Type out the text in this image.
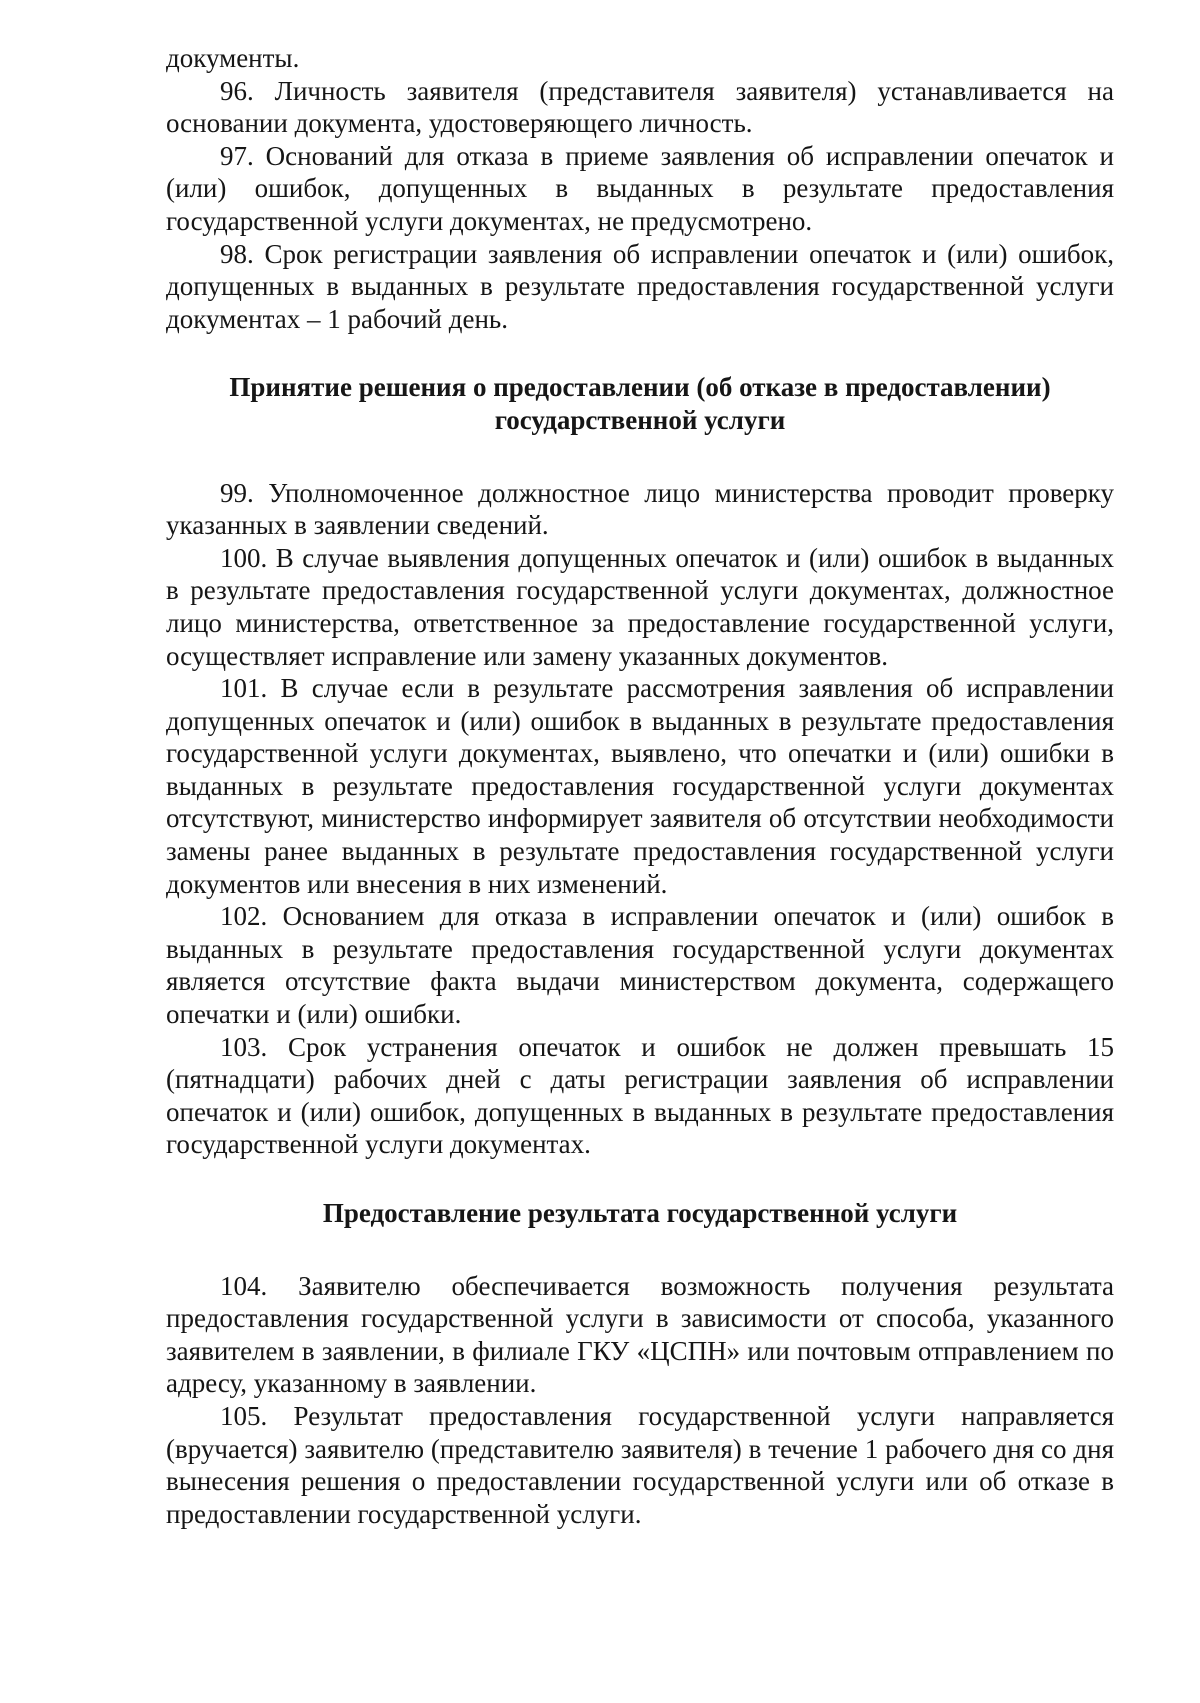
документы.

96. Личность заявителя (представителя заявителя) устанавливается на основании документа, удостоверяющего личность.

97. Оснований для отказа в приеме заявления об исправлении опечаток и (или) ошибок, допущенных в выданных в результате предоставления государственной услуги документах, не предусмотрено.

98. Срок регистрации заявления об исправлении опечаток и (или) ошибок, допущенных в выданных в результате предоставления государственной услуги документах – 1 рабочий день.

Принятие решения о предоставлении (об отказе в предоставлении) государственной услуги

99. Уполномоченное должностное лицо министерства проводит проверку указанных в заявлении сведений.

100. В случае выявления допущенных опечаток и (или) ошибок в выданных в результате предоставления государственной услуги документах, должностное лицо министерства, ответственное за предоставление государственной услуги, осуществляет исправление или замену указанных документов.

101. В случае если в результате рассмотрения заявления об исправлении допущенных опечаток и (или) ошибок в выданных в результате предоставления государственной услуги документах, выявлено, что опечатки и (или) ошибки в выданных в результате предоставления государственной услуги документах отсутствуют, министерство информирует заявителя об отсутствии необходимости замены ранее выданных в результате предоставления государственной услуги документов или внесения в них изменений.

102. Основанием для отказа в исправлении опечаток и (или) ошибок в выданных в результате предоставления государственной услуги документах является отсутствие факта выдачи министерством документа, содержащего опечатки и (или) ошибки.

103. Срок устранения опечаток и ошибок не должен превышать 15 (пятнадцати) рабочих дней с даты регистрации заявления об исправлении опечаток и (или) ошибок, допущенных в выданных в результате предоставления государственной услуги документах.

Предоставление результата государственной услуги

104. Заявителю обеспечивается возможность получения результата предоставления государственной услуги в зависимости от способа, указанного заявителем в заявлении, в филиале ГКУ «ЦСПН» или почтовым отправлением по адресу, указанному в заявлении.

105. Результат предоставления государственной услуги направляется (вручается) заявителю (представителю заявителя) в течение 1 рабочего дня со дня вынесения решения о предоставлении государственной услуги или об отказе в предоставлении государственной услуги.
